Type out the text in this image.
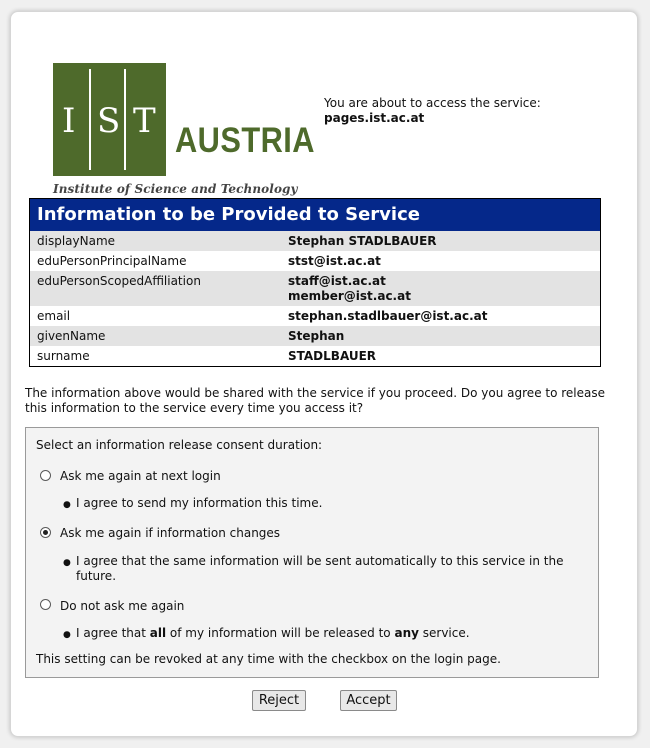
I S T AUSTRIA
Institute of Science and Technology
You are about to access the service:
pages.ist.ac.at
Information to be Provided to Service
displayName	Stephan STADLBAUER
eduPersonPrincipalName	stst@ist.ac.at
eduPersonScopedAffiliation	staff@ist.ac.at
member@ist.ac.at
email	stephan.stadlbauer@ist.ac.at
givenName	Stephan
surname	STADLBAUER
The information above would be shared with the service if you proceed. Do you agree to release this information to the service every time you access it?
Select an information release consent duration:
Ask me again at next login
● I agree to send my information this time.
Ask me again if information changes
● I agree that the same information will be sent automatically to this service in the future.
Do not ask me again
● I agree that all of my information will be released to any service.
This setting can be revoked at any time with the checkbox on the login page.
Reject	Accept
